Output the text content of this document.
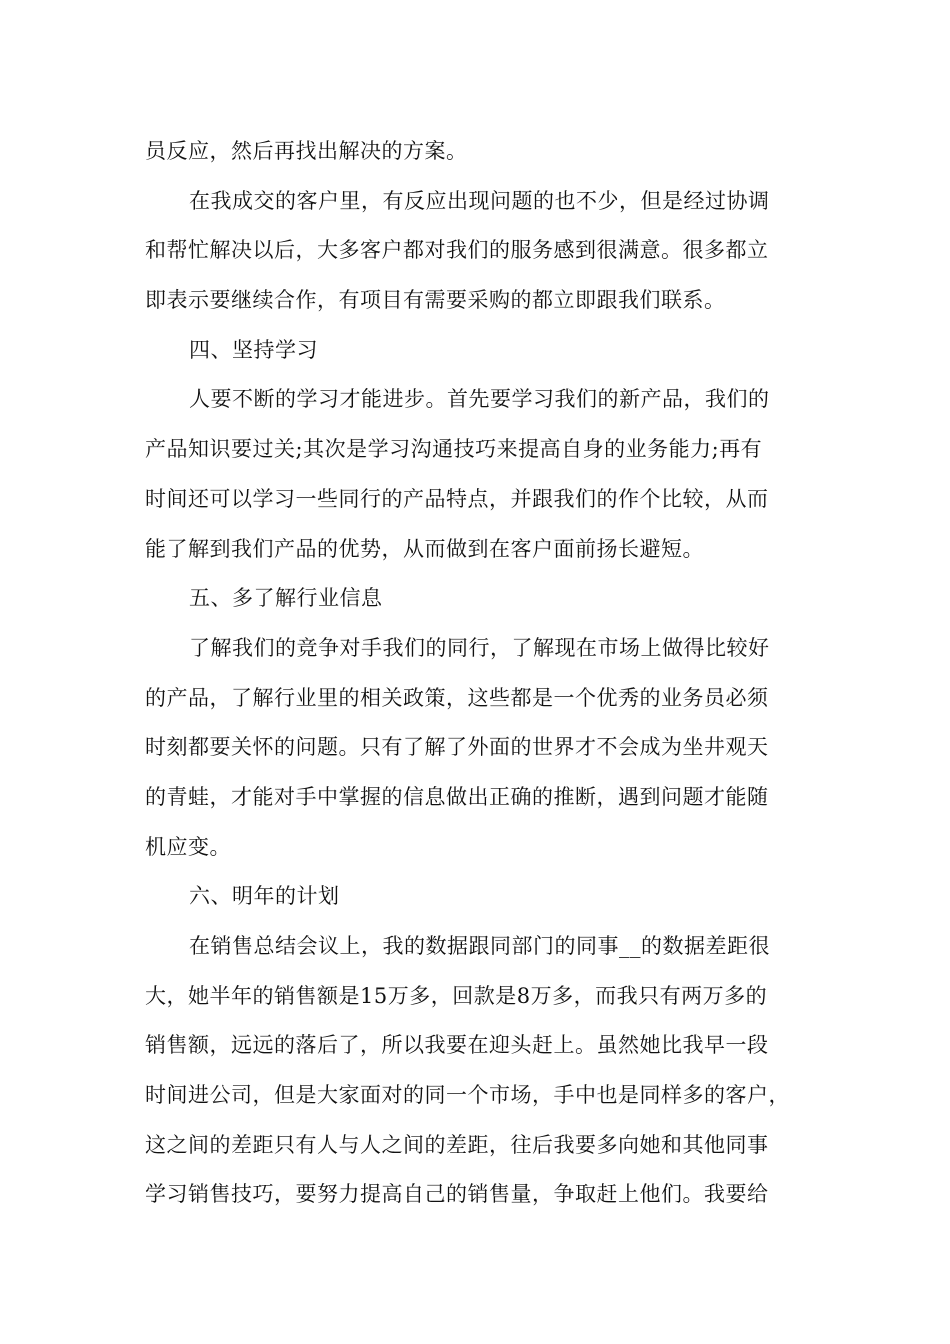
员反应，然后再找出解决的方案。
在我成交的客户里，有反应出现问题的也不少，但是经过协调
和帮忙解决以后，大多客户都对我们的服务感到很满意。很多都立
即表示要继续合作，有项目有需要采购的都立即跟我们联系。
四、坚持学习
人要不断的学习才能进步。首先要学习我们的新产品，我们的
产品知识要过关;其次是学习沟通技巧来提高自身的业务能力;再有
时间还可以学习一些同行的产品特点，并跟我们的作个比较，从而
能了解到我们产品的优势，从而做到在客户面前扬长避短。
五、多了解行业信息
了解我们的竞争对手我们的同行，了解现在市场上做得比较好
的产品，了解行业里的相关政策，这些都是一个优秀的业务员必须
时刻都要关怀的问题。只有了解了外面的世界才不会成为坐井观天
的青蛙，才能对手中掌握的信息做出正确的推断，遇到问题才能随
机应变。
六、明年的计划
在销售总结会议上，我的数据跟同部门的同事__的数据差距很
大，她半年的销售额是15万多，回款是8万多，而我只有两万多的
销售额，远远的落后了，所以我要在迎头赶上。虽然她比我早一段
时间进公司，但是大家面对的同一个市场，手中也是同样多的客户，
这之间的差距只有人与人之间的差距，往后我要多向她和其他同事
学习销售技巧，要努力提高自己的销售量，争取赶上他们。我要给
